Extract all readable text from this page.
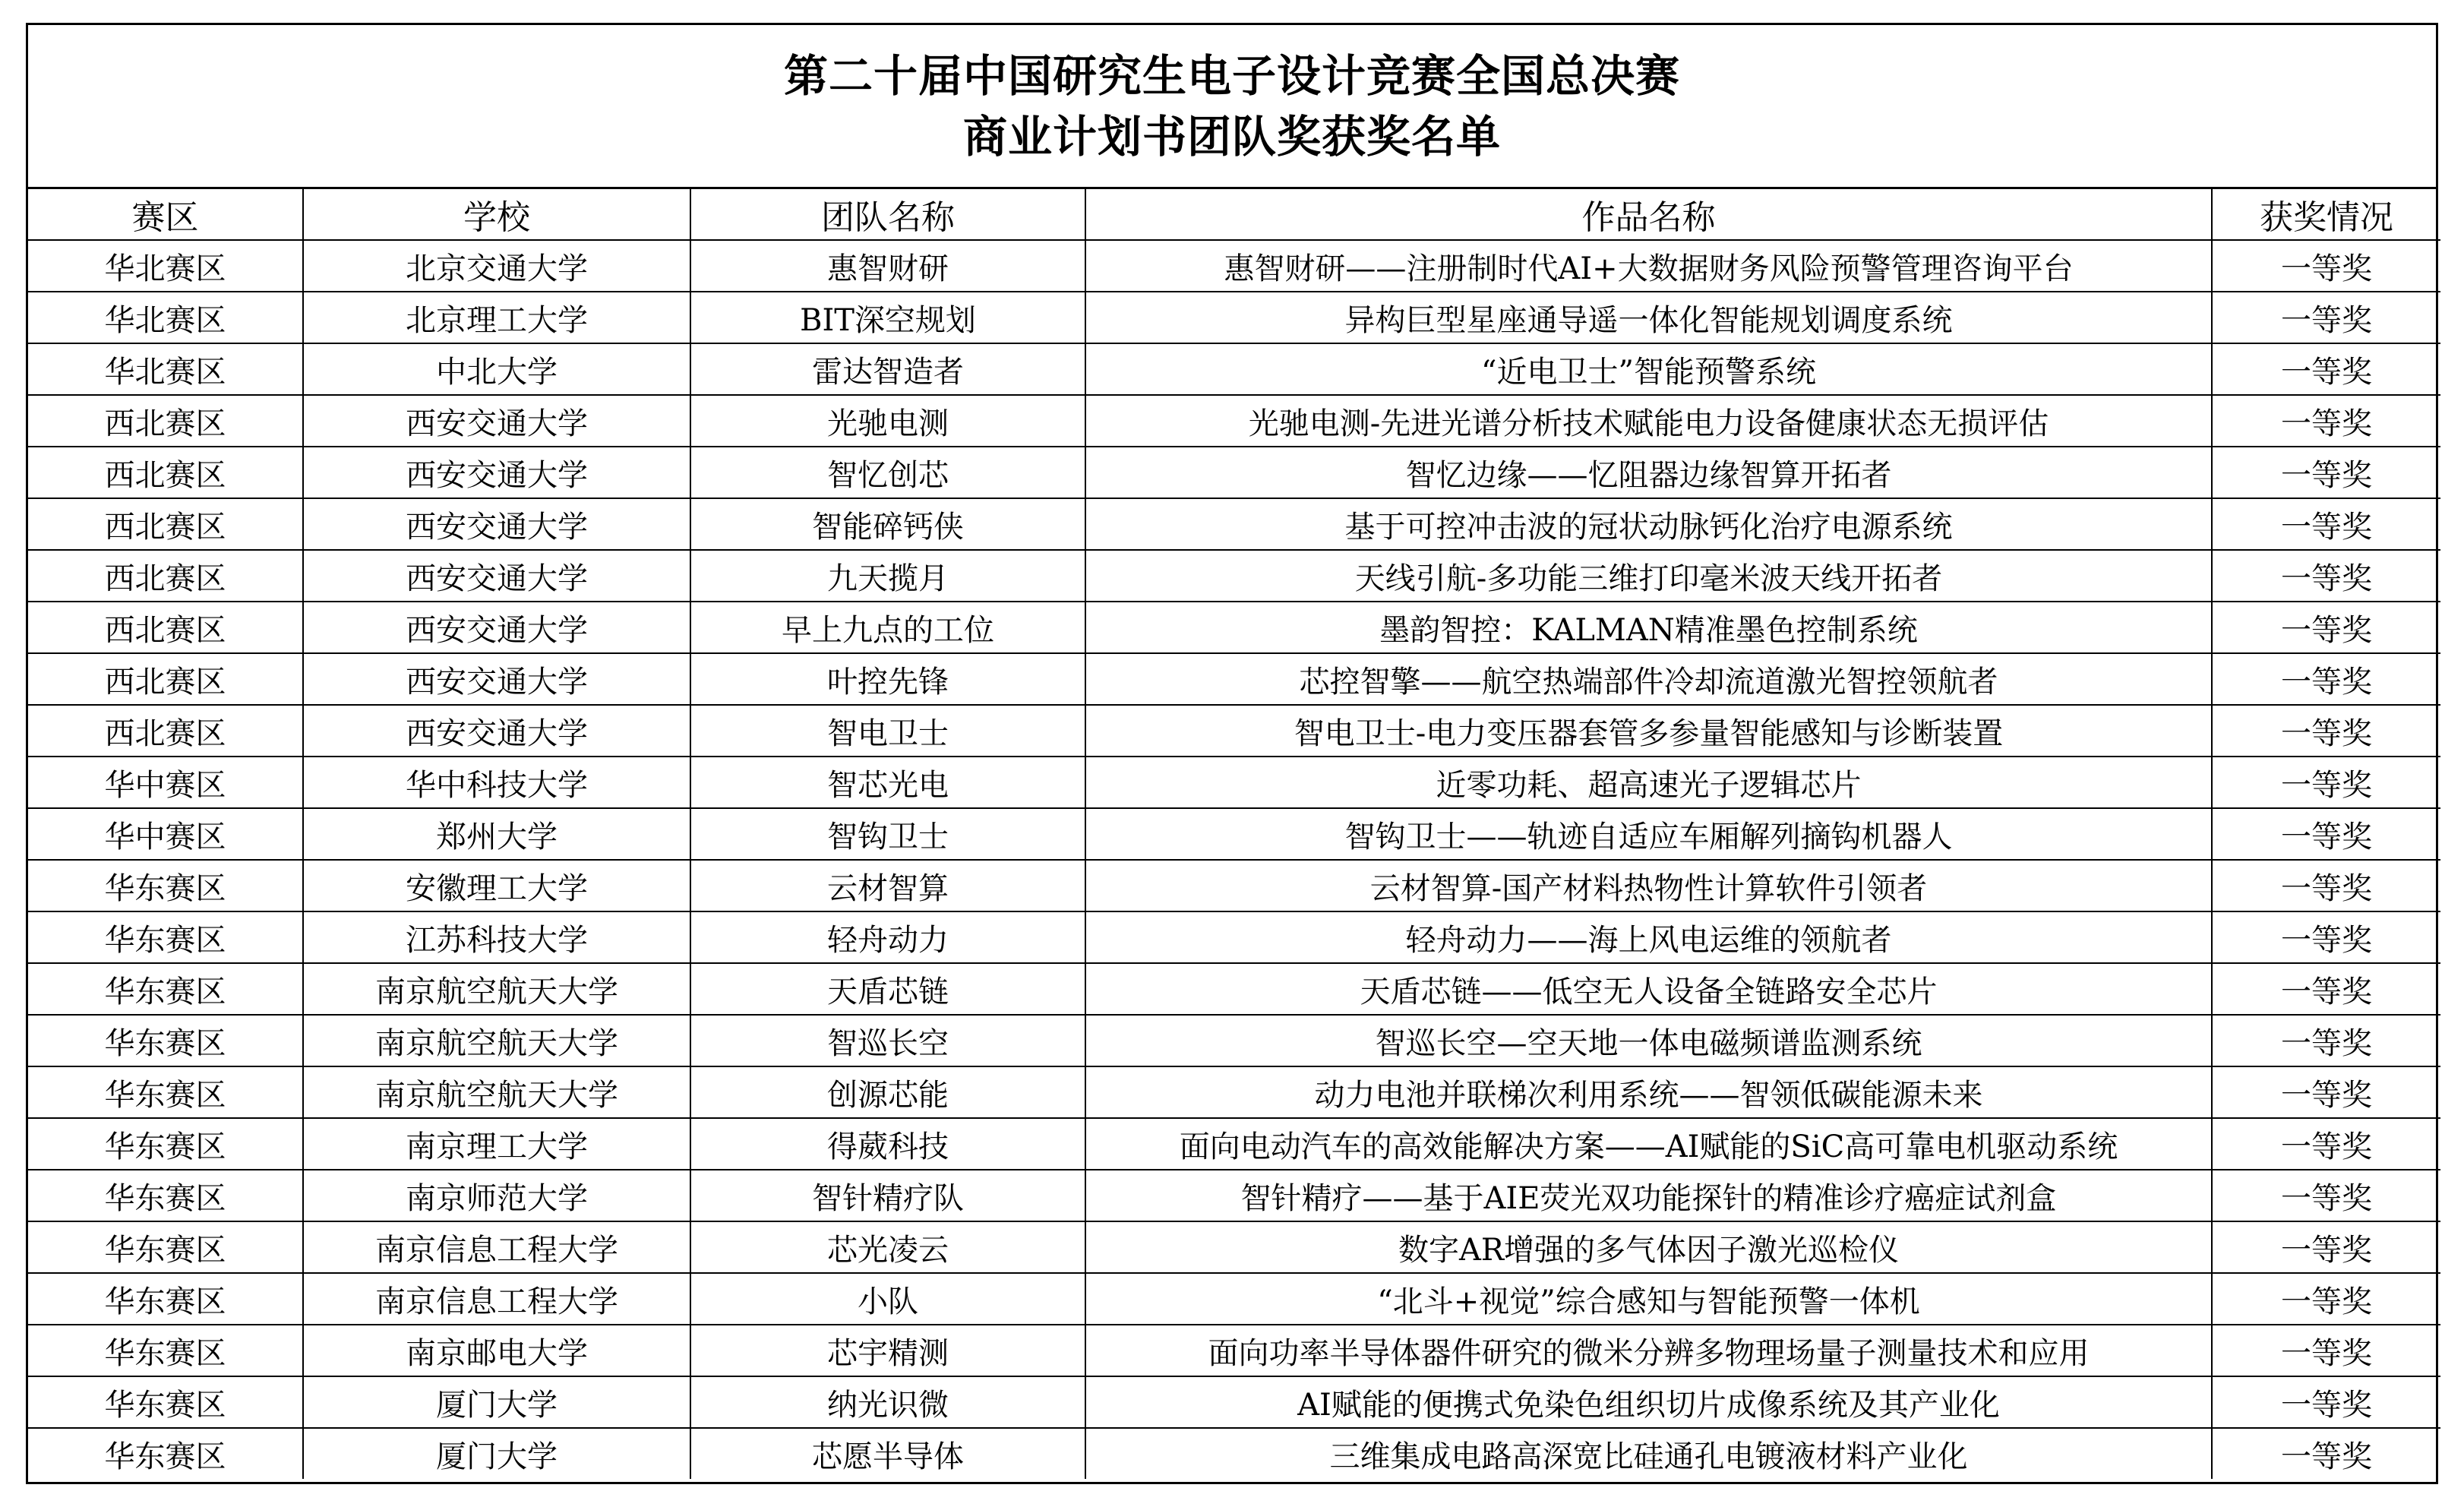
第二十届中国研究生电子设计竞赛全国总决赛
商业计划书团队奖获奖名单
赛区	学校	团队名称	作品名称	获奖情况
华北赛区	北京交通大学	惠智财研	惠智财研——注册制时代AI+大数据财务风险预警管理咨询平台	一等奖
华北赛区	北京理工大学	BIT深空规划	异构巨型星座通导遥一体化智能规划调度系统	一等奖
华北赛区	中北大学	雷达智造者	“近电卫士”智能预警系统	一等奖
西北赛区	西安交通大学	光驰电测	光驰电测-先进光谱分析技术赋能电力设备健康状态无损评估	一等奖
西北赛区	西安交通大学	智忆创芯	智忆边缘——忆阻器边缘智算开拓者	一等奖
西北赛区	西安交通大学	智能碎钙侠	基于可控冲击波的冠状动脉钙化治疗电源系统	一等奖
西北赛区	西安交通大学	九天揽月	天线引航-多功能三维打印毫米波天线开拓者	一等奖
西北赛区	西安交通大学	早上九点的工位	墨韵智控：KALMAN精准墨色控制系统	一等奖
西北赛区	西安交通大学	叶控先锋	芯控智擎——航空热端部件冷却流道激光智控领航者	一等奖
西北赛区	西安交通大学	智电卫士	智电卫士-电力变压器套管多参量智能感知与诊断装置	一等奖
华中赛区	华中科技大学	智芯光电	近零功耗、超高速光子逻辑芯片	一等奖
华中赛区	郑州大学	智钩卫士	智钩卫士——轨迹自适应车厢解列摘钩机器人	一等奖
华东赛区	安徽理工大学	云材智算	云材智算-国产材料热物性计算软件引领者	一等奖
华东赛区	江苏科技大学	轻舟动力	轻舟动力——海上风电运维的领航者	一等奖
华东赛区	南京航空航天大学	天盾芯链	天盾芯链——低空无人设备全链路安全芯片	一等奖
华东赛区	南京航空航天大学	智巡长空	智巡长空—空天地一体电磁频谱监测系统	一等奖
华东赛区	南京航空航天大学	创源芯能	动力电池并联梯次利用系统——智领低碳能源未来	一等奖
华东赛区	南京理工大学	得葳科技	面向电动汽车的高效能解决方案——AI赋能的SiC高可靠电机驱动系统	一等奖
华东赛区	南京师范大学	智针精疗队	智针精疗——基于AIE荧光双功能探针的精准诊疗癌症试剂盒	一等奖
华东赛区	南京信息工程大学	芯光凌云	数字AR增强的多气体因子激光巡检仪	一等奖
华东赛区	南京信息工程大学	小队	“北斗+视觉”综合感知与智能预警一体机	一等奖
华东赛区	南京邮电大学	芯宇精测	面向功率半导体器件研究的微米分辨多物理场量子测量技术和应用	一等奖
华东赛区	厦门大学	纳光识微	AI赋能的便携式免染色组织切片成像系统及其产业化	一等奖
华东赛区	厦门大学	芯愿半导体	三维集成电路高深宽比硅通孔电镀液材料产业化	一等奖
